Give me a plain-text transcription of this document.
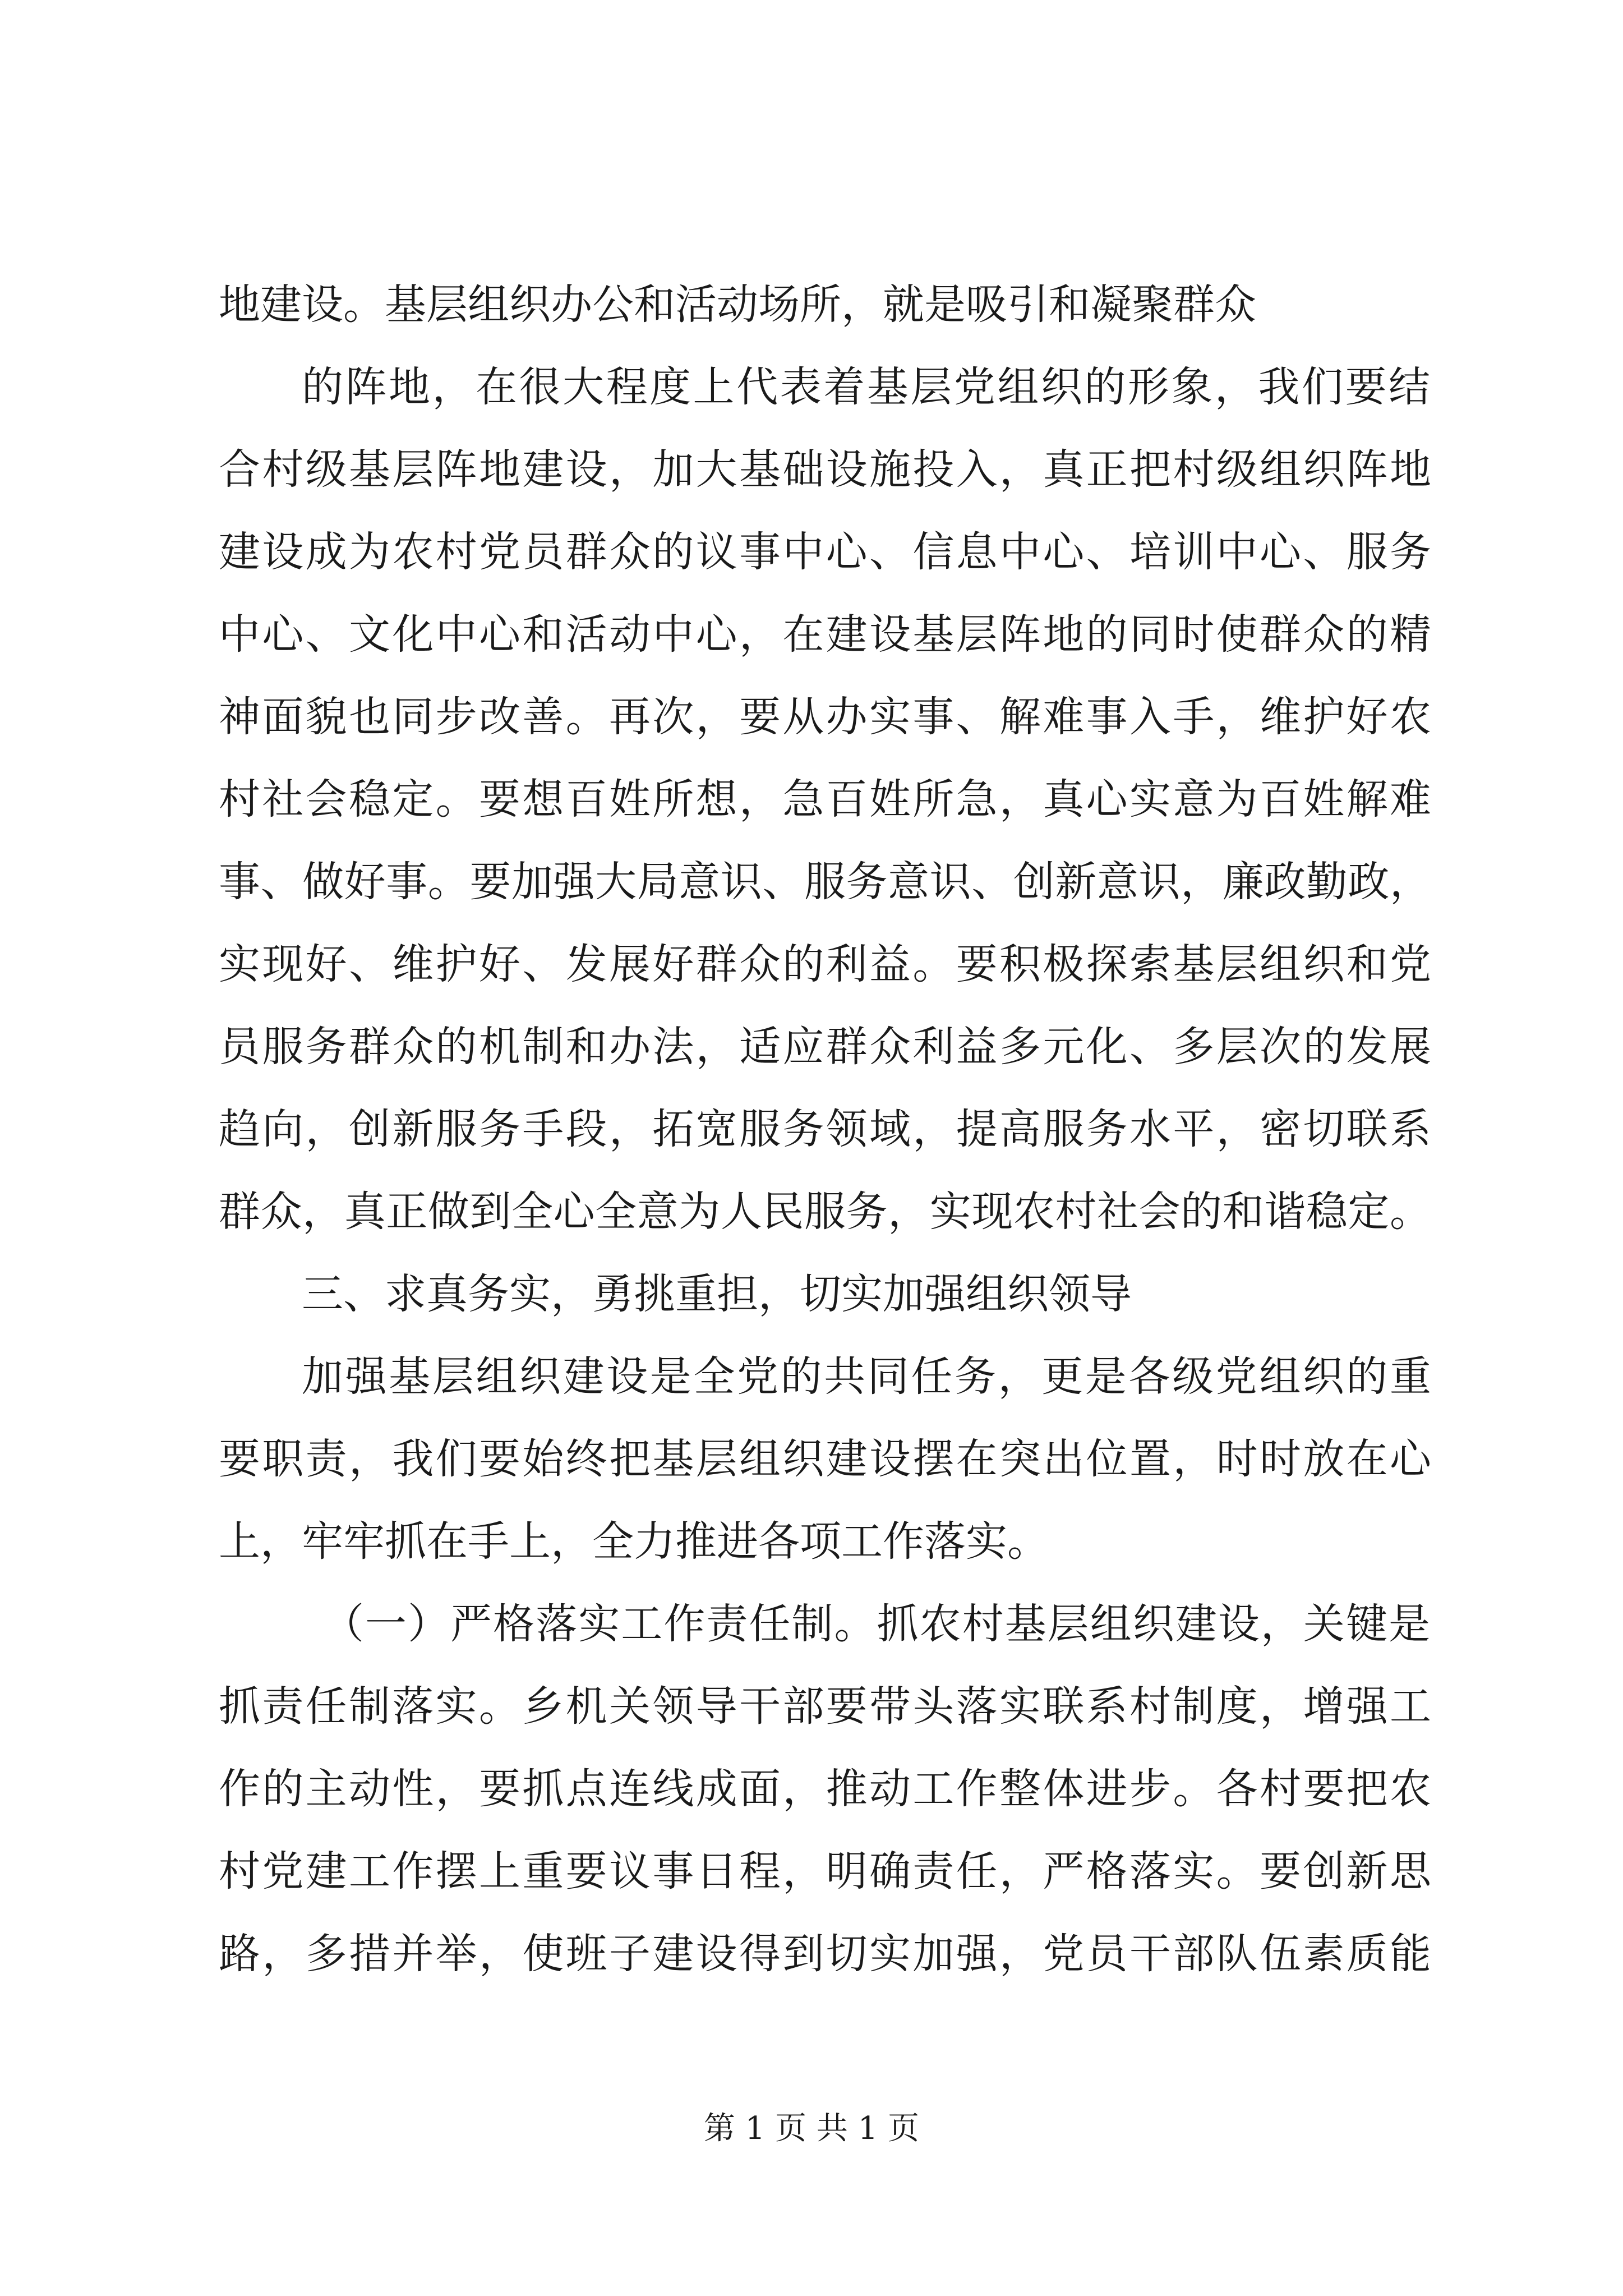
地建设。基层组织办公和活动场所，就是吸引和凝聚群众
的阵地，在很大程度上代表着基层党组织的形象，我们要结
合村级基层阵地建设，加大基础设施投入，真正把村级组织阵地
建设成为农村党员群众的议事中心、信息中心、培训中心、服务
中心、文化中心和活动中心，在建设基层阵地的同时使群众的精
神面貌也同步改善。再次，要从办实事、解难事入手，维护好农
村社会稳定。要想百姓所想，急百姓所急，真心实意为百姓解难
事、做好事。要加强大局意识、服务意识、创新意识，廉政勤政，
实现好、维护好、发展好群众的利益。要积极探索基层组织和党
员服务群众的机制和办法，适应群众利益多元化、多层次的发展
趋向，创新服务手段，拓宽服务领域，提高服务水平，密切联系
群众，真正做到全心全意为人民服务，实现农村社会的和谐稳定。
三、求真务实，勇挑重担，切实加强组织领导
加强基层组织建设是全党的共同任务，更是各级党组织的重
要职责，我们要始终把基层组织建设摆在突出位置，时时放在心
上，牢牢抓在手上，全力推进各项工作落实。
（一）严格落实工作责任制。抓农村基层组织建设，关键是
抓责任制落实。乡机关领导干部要带头落实联系村制度，增强工
作的主动性，要抓点连线成面，推动工作整体进步。各村要把农
村党建工作摆上重要议事日程，明确责任，严格落实。要创新思
路，多措并举，使班子建设得到切实加强，党员干部队伍素质能
第 1 页 共 1 页
